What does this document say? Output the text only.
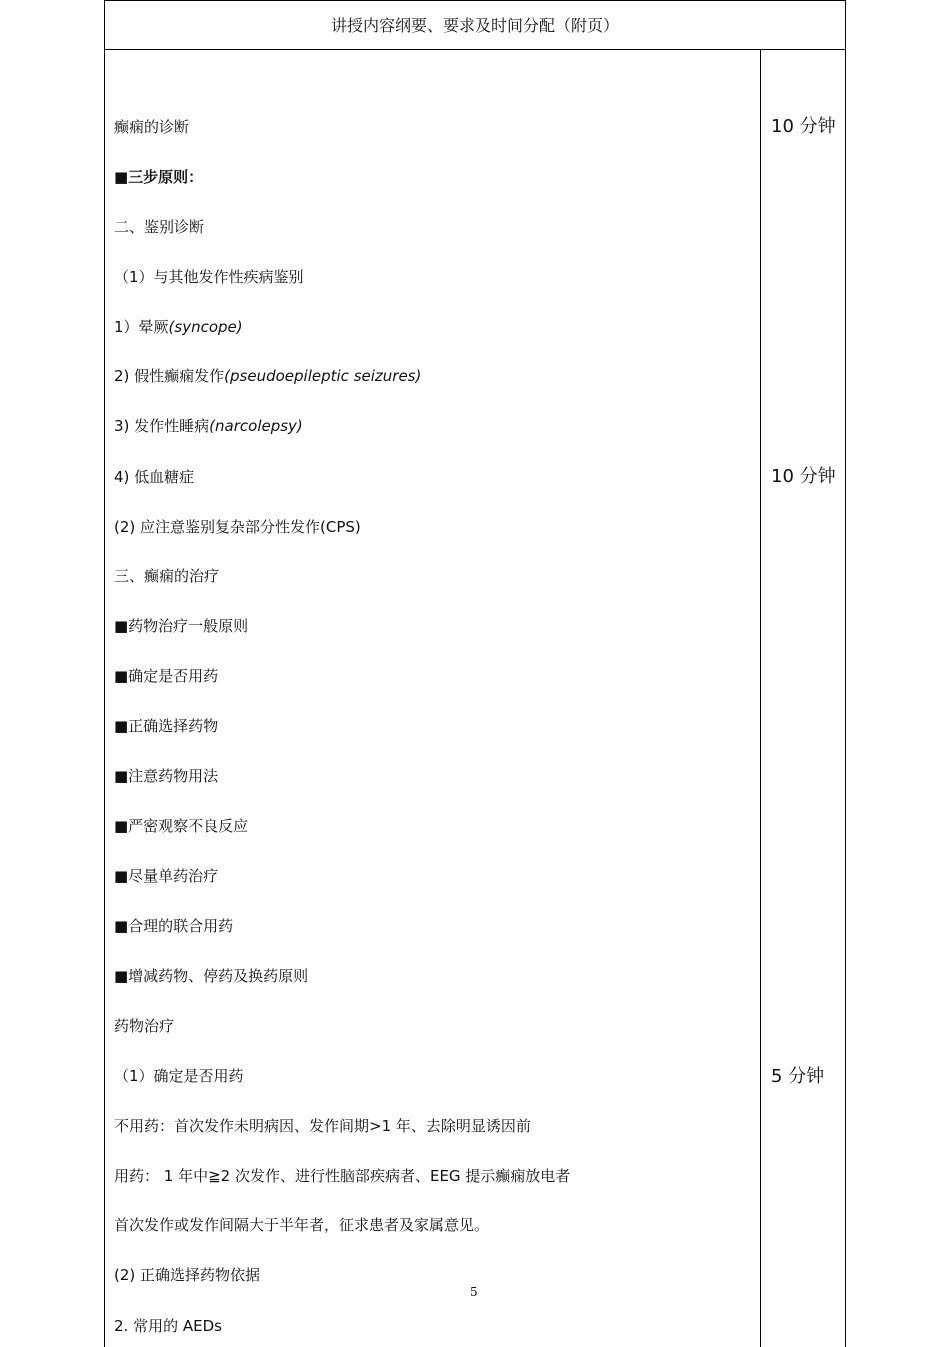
讲授内容纲要、要求及时间分配（附页）
癫痫的诊断
■三步原则：
二、鉴别诊断
（1）与其他发作性疾病鉴别
1）晕厥(syncope)
2) 假性癫痫发作(pseudoepileptic seizures)
3) 发作性睡病(narcolepsy)
4) 低血糖症
(2) 应注意鉴别复杂部分性发作(CPS)
三、癫痫的治疗
■药物治疗一般原则
■确定是否用药
■正确选择药物
■注意药物用法
■严密观察不良反应
■尽量单药治疗
■合理的联合用药
■增减药物、停药及换药原则
药物治疗
（1）确定是否用药
不用药：首次发作未明病因、发作间期>1 年、去除明显诱因前
用药： 1 年中≧2 次发作、进行性脑部疾病者、EEG 提示癫痫放电者
首次发作或发作间隔大于半年者，征求患者及家属意见。
(2) 正确选择药物依据
2. 常用的 AEDs
10 分钟
10 分钟
5 分钟
5
